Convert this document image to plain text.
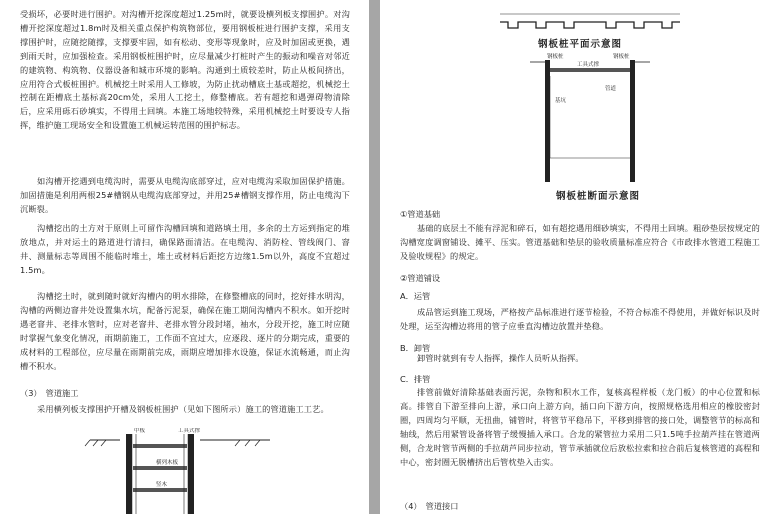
受损坏，必要时进行围护。对沟槽开挖深度超过1.25m时，就要设横列板支撑围护。对沟槽开挖深度超过1.8m时及相关重点保护构筑物部位，要用钢板桩进行围护支撑，采用支撑围护时，应随挖随撑，支撑要牢固，如有松动、变形等现象时，应及时加固或更换，遇到雨天时，应加强检查。采用钢板桩围护时，应尽量减少打桩时产生的振动和噪音对邻近的建筑物、构筑物、仪器设备和城市环境的影响。沟通到土质较差时，防止从板间挤出，应用符合式板桩围护。机械挖土时采用人工修坡，为防止扰动槽底土基或超挖，机械挖土控制在距槽底土基标高20cm处，采用人工挖土，修整槽底。若有超挖和遇弹碍物清除后，应采用砾石砂填实，不得用土回填。本施工场地较特殊，采用机械挖土时要设专人指挥，维护施工现场安全和设置施工机械运转范围的围护标志。

如沟槽开挖遇到电缆沟时，需要从电缆沟底部穿过，应对电缆沟采取加固保护措施。加固措施是利用两根25#槽钢从电缆沟底部穿过，并用25#槽钢支撑作用，防止电缆沟下沉断裂。

沟槽挖出的土方对于原则上可留作沟槽回填和道路填土用，多余的土方运到指定的堆放地点，并对运土的路道进行清扫，确保路面清洁。在电缆沟、消防栓、管线阀门、窨井、测量标志等周围不能临时堆土，堆土或材料后距挖方边缘1.5m以外，高度不宜超过1.5m。

沟槽挖土时，就到随时就好沟槽内的明水排除，在修整槽底的同时，挖好排水明沟，沟槽的两侧边窨井处设置集水坑，配备污泥泵，确保在施工期间沟槽内不积水。如开挖时遇老窨井、老排水管时，应对老窨井、老排水管分段封堵，袖水，分段开挖，施工时应随时掌握气象变化情况，雨期前施工，工作面不宜过大，应逐段、逐片的分期完成，重要的成材料的工程部位，应尽量在雨期前完成，雨期应增加排水设施，保证水流畅通，而止沟槽不积水。

（3）　管道施工

采用横列板支撑围护开槽及钢板桩围护（见如下图所示）施工的管道施工工艺。

中板	工具式撑
横列木板
竖木
钢板桩平面示意图
钢板桩
工具式撑
钢板桩
基坑
管道
钢板桩断面示意图

①管道基础

基础的底层土不能有浮泥和碎石，如有超挖遇用细砂填实，不得用土回填。粗砂垫层按规定的沟槽宽度调窗铺设、摊平、压实。管道基础和垫层的验收质量标准应符合《市政排水管道工程施工及验收规程》的规定。

②管道铺设

A．运管

成品管运到施工现场，严格按产品标准进行逐节检验，不符合标准不得使用，并做好标识及时处理，运至沟槽边将用的管子应垂直沟槽边放置并垫稳。

B．卸管

卸管时就到有专人指挥，操作人员听从指挥。

C．排管

排管前做好清除基础表面污泥，杂物和积水工作，复核高程样板（龙门板）的中心位置和标高。排管自下游至排向上游，承口向上游方向，插口向下游方向，按照规格选用相应的橡胶密封圈，四周均匀平顺，无扭曲，铺管时，将管节平稳吊下，平移到排管的接口处，调整管节的标高和轴线，然后用紧管设备将管子缓慢插入承口。合龙的紧管拉力采用二只1.5吨手拉葫芦挂在管道两侧，合龙时管节两侧的手拉葫芦同步拉动，管节承插就位后放松拉索和拉合前后复核管道的高程和中心，密封圈无脱槽挤出后管枕垫入击实。

（4）　管道接口
